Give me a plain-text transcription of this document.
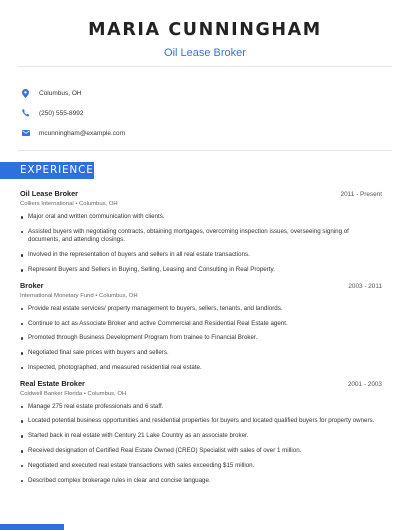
MARIA CUNNINGHAM
Oil Lease Broker
Columbus, OH
(250) 555-8992
mcunningham@example.com
EXPERIENCE
Oil Lease Broker	2011 - Present
Colliers International • Columbus, OH
Major oral and written communication with clients.
Assisted buyers with negotiating contracts, obtaining mortgages, overcoming inspection issues, overseeing signing of documents, and attending closings.
Involved in the representation of buyers and sellers in all real estate transactions.
Represent Buyers and Sellers in Buying, Selling, Leasing and Consulting in Real Property.
Broker	2003 - 2011
International Monetary Fund • Columbus, OH
Provide real estate services/ property management to buyers, sellers, tenants, and landlords.
Continue to act as Associate Broker and active Commercial and Residential Real Estate agent.
Promoted through Business Development Program from trainee to Financial Broker.
Negotiated final sale prices with buyers and sellers.
Inspected, photographed, and measured residential real estate.
Real Estate Broker	2001 - 2003
Coldwell Banker Florida • Columbus, OH
Manage 275 real estate professionals and 6 staff.
Located potential business opportunities and residential properties for buyers and located qualified buyers for property owners.
Started back in real estate with Century 21 Lake Country as an associate broker.
Received designation of Certified Real Estate Owned (CREO) Specialist with sales of over 1 million.
Negotiated and executed real estate transactions with sales exceeding $15 million.
Described complex brokerage rules in clear and concise language.
